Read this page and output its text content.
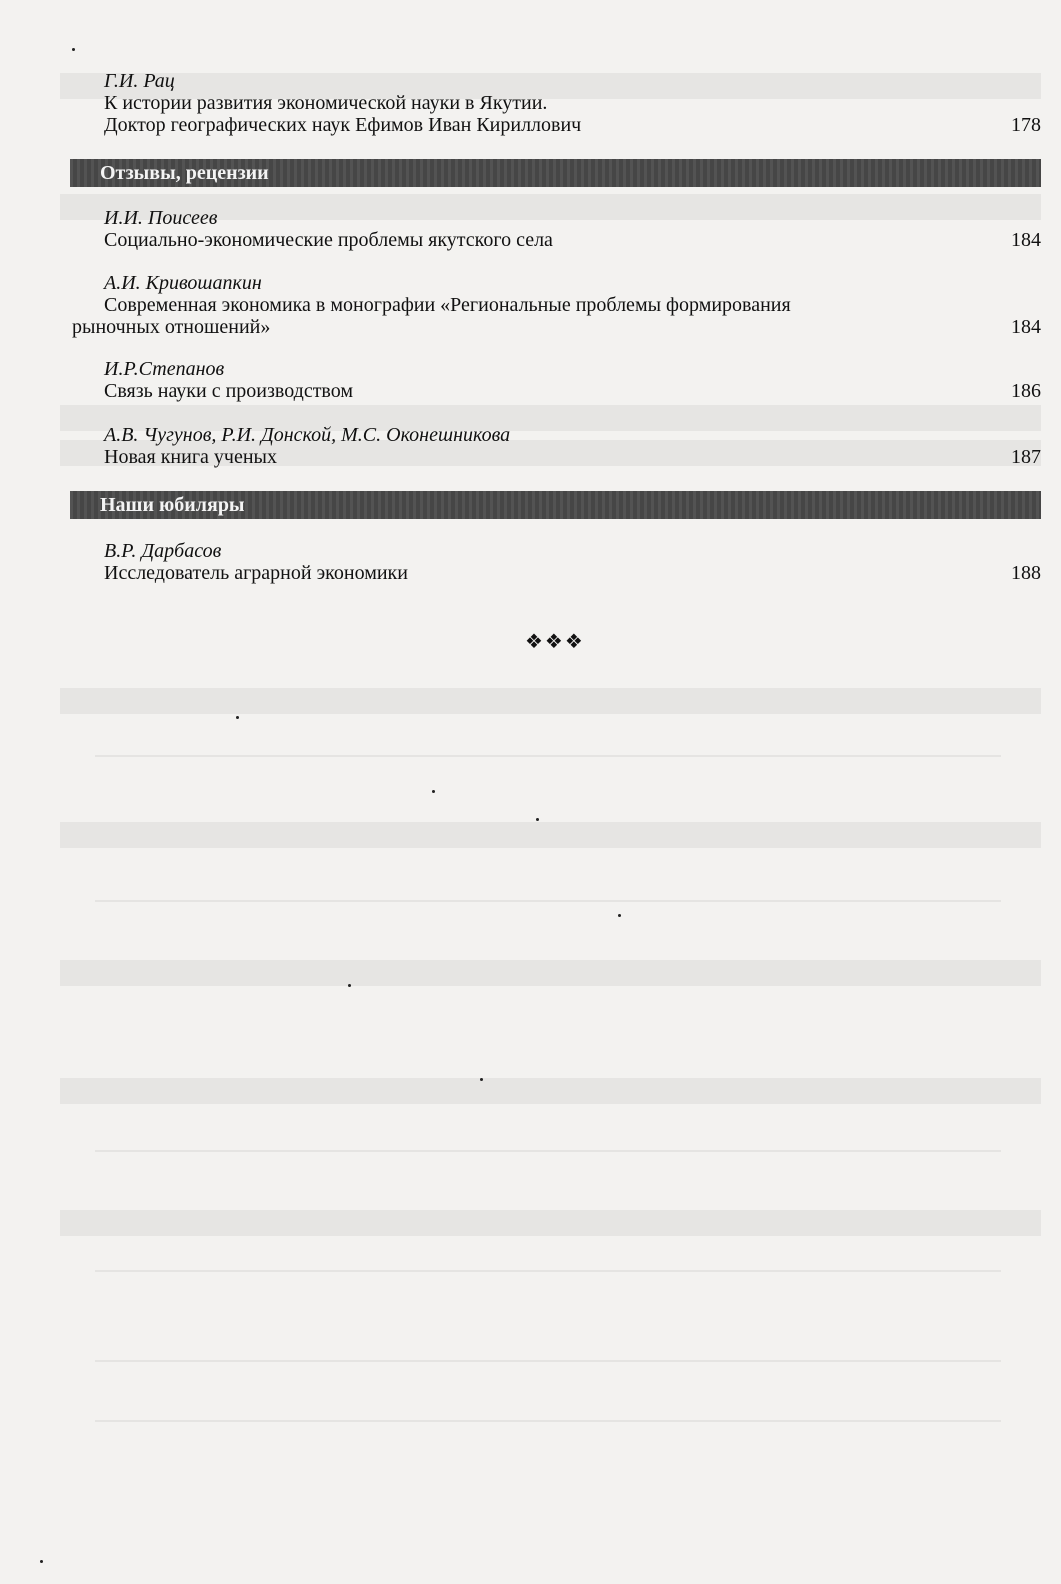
Г.И. Рац
К истории развития экономической науки в Якутии.
Доктор географических наук Ефимов Иван Кириллович	178
Отзывы, рецензии
И.И. Поисеев
Социально-экономические проблемы якутского села	184
А.И. Кривошапкин
Современная экономика в монографии «Региональные проблемы формирования
рыночных отношений»	184
И.Р.Степанов
Связь науки с производством	186
А.В. Чугунов, Р.И. Донской, М.С. Оконешникова
Новая книга ученых	187
Наши юбиляры
В.Р. Дарбасов
Исследователь аграрной экономики	188
❖❖❖
